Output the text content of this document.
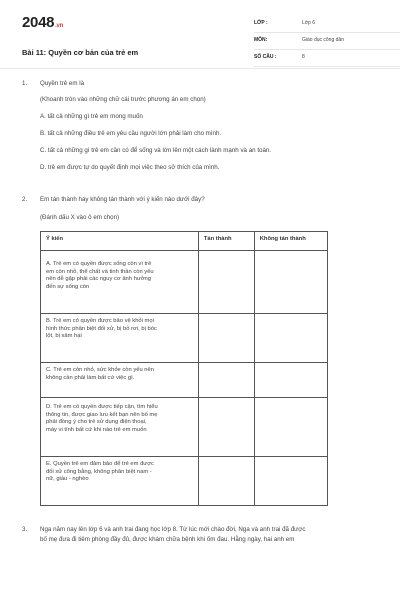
2048.vn
Bài 11: Quyền cơ bản của trẻ em
LỚP :	Lớp 6
MÔN:	Giáo dục công dân
SỐ CÂU :	8
1. Quyền trẻ em là
(Khoanh tròn vào những chữ cái trước phương án em chọn)
A. tất cả những gì trẻ em mong muốn
B. tất cả những điều trẻ em yêu cầu người lớn phải làm cho mình.
C. tất cả những gì trẻ em cần có để sống và lớn lên một cách lành mạnh và an toàn.
D. trẻ em được tự do quyết định mọi việc theo sở thích của mình.
2. Em tán thành hay không tán thành với ý kiến nào dưới đây?
(Đánh dấu X vào ô em chọn)
Ý kiến	Tán thành	Không tán thành

A. Trẻ em có quyền được sống còn vì trẻ
em còn nhỏ, thể chất và tinh thần còn yếu
nên dễ gặp phải các nguy cơ ảnh hưởng
đến sự sống còn		

B. Trẻ em có quyền được bảo vệ khỏi mọi
hình thức phân biệt đối xử, bị bỏ rơi, bị bóc
lột, bị xâm hại		

C. Trẻ em còn nhỏ, sức khỏe còn yếu nên
không cần phải làm bất cứ việc gì.		

D. Trẻ em có quyền được tiếp cận, tìm hiểu
thông tin, được giao lưu kết bạn nên bố mẹ
phải đồng ý cho trẻ sử dụng điện thoại,
máy vi tính bất cứ khi nào trẻ em muốn		

E. Quyền trẻ em đảm bảo để trẻ em được
đối xử công bằng, không phân biệt nam -
nữ, giàu - nghèo		

3. Nga năm nay lên lớp 6 và anh trai đang học lớp 8. Từ lúc mới chào đời, Nga và anh trai đã được
bố mẹ đưa đi tiêm phòng đầy đủ, được khám chữa bệnh khi ốm đau. Hằng ngày, hai anh em
